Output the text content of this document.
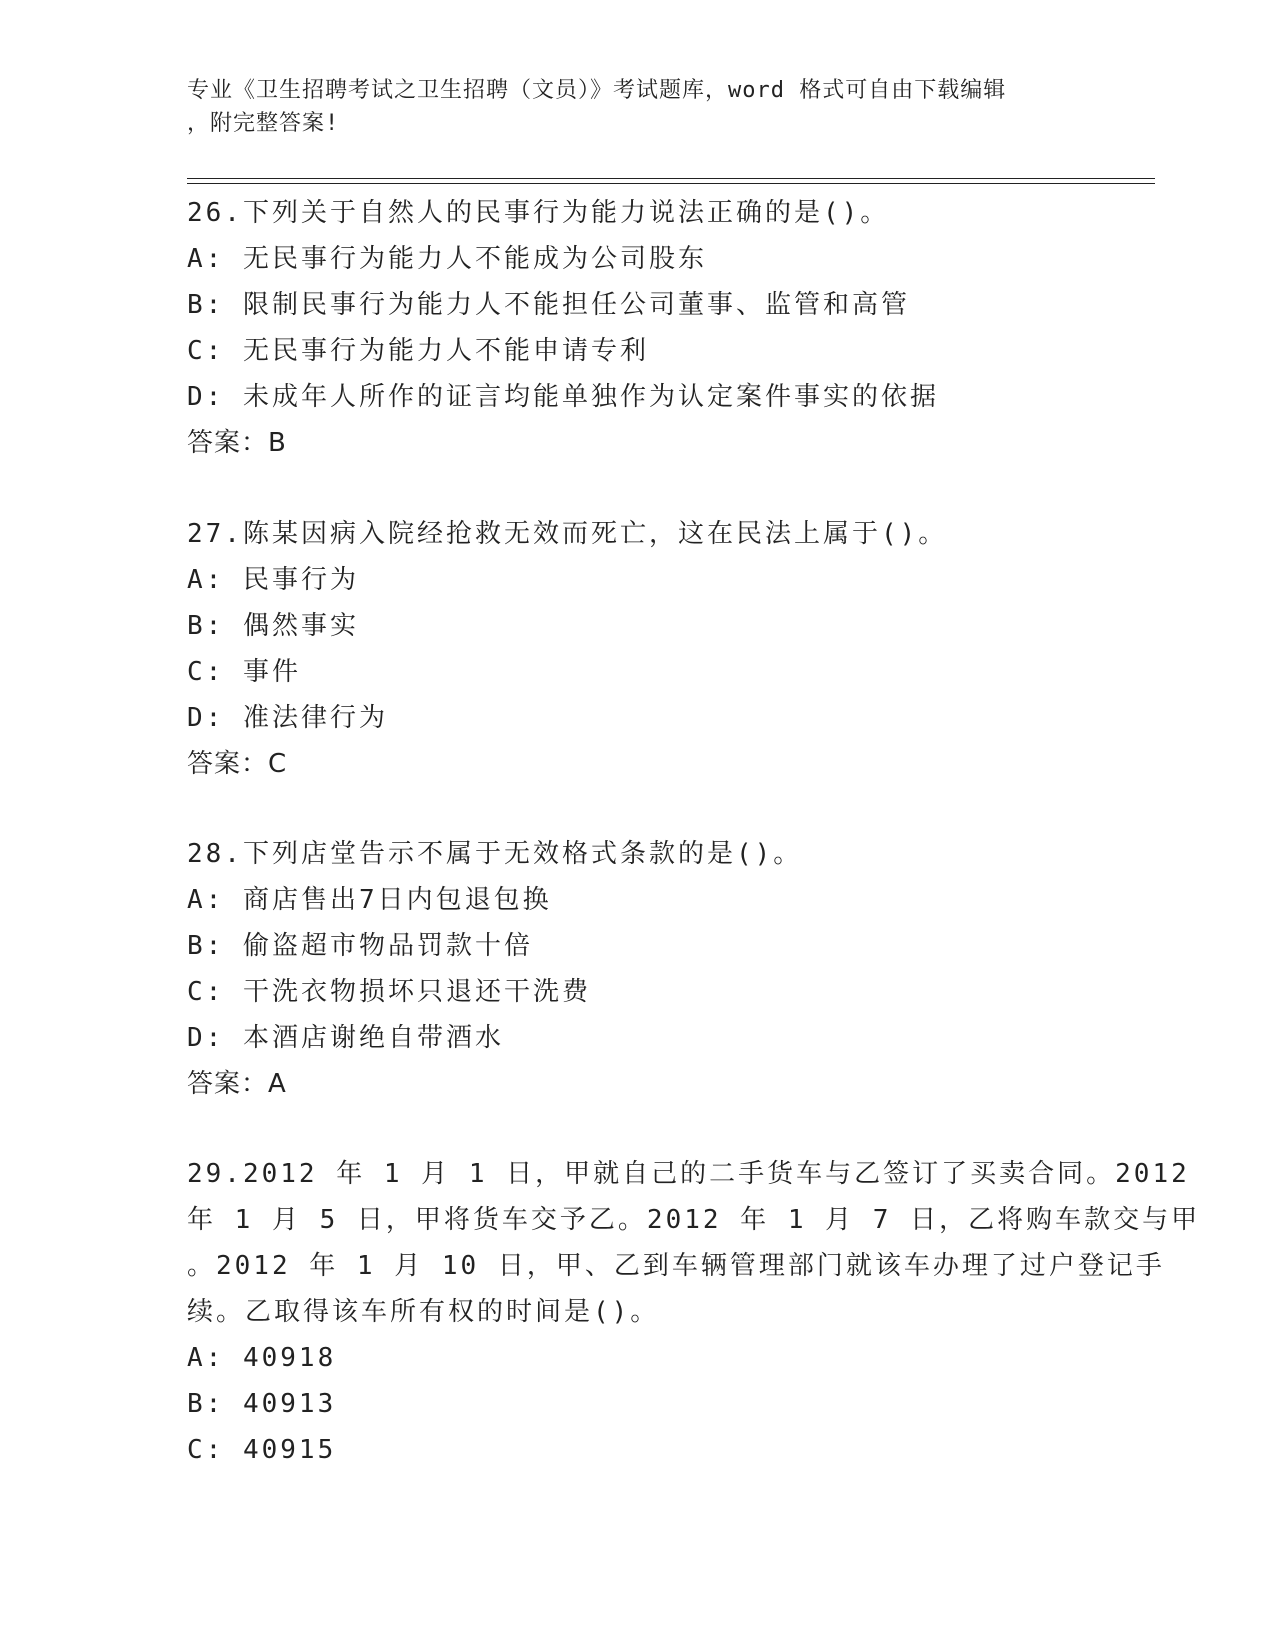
专业《卫生招聘考试之卫生招聘（文员）》考试题库，word 格式可自由下载编辑
，附完整答案!
26.下列关于自然人的民事行为能力说法正确的是()。
A: 无民事行为能力人不能成为公司股东
B: 限制民事行为能力人不能担任公司董事、监管和高管
C: 无民事行为能力人不能申请专利
D: 未成年人所作的证言均能单独作为认定案件事实的依据
答案：B
27.陈某因病入院经抢救无效而死亡，这在民法上属于()。
A: 民事行为
B: 偶然事实
C: 事件
D: 准法律行为
答案：C
28.下列店堂告示不属于无效格式条款的是()。
A: 商店售出7日内包退包换
B: 偷盗超市物品罚款十倍
C: 干洗衣物损坏只退还干洗费
D: 本酒店谢绝自带酒水
答案：A
29.2012 年 1 月 1 日，甲就自己的二手货车与乙签订了买卖合同。2012
年 1 月 5 日，甲将货车交予乙。2012 年 1 月 7 日，乙将购车款交与甲
。2012 年 1 月 10 日，甲、乙到车辆管理部门就该车办理了过户登记手
续。乙取得该车所有权的时间是()。
A: 40918
B: 40913
C: 40915
